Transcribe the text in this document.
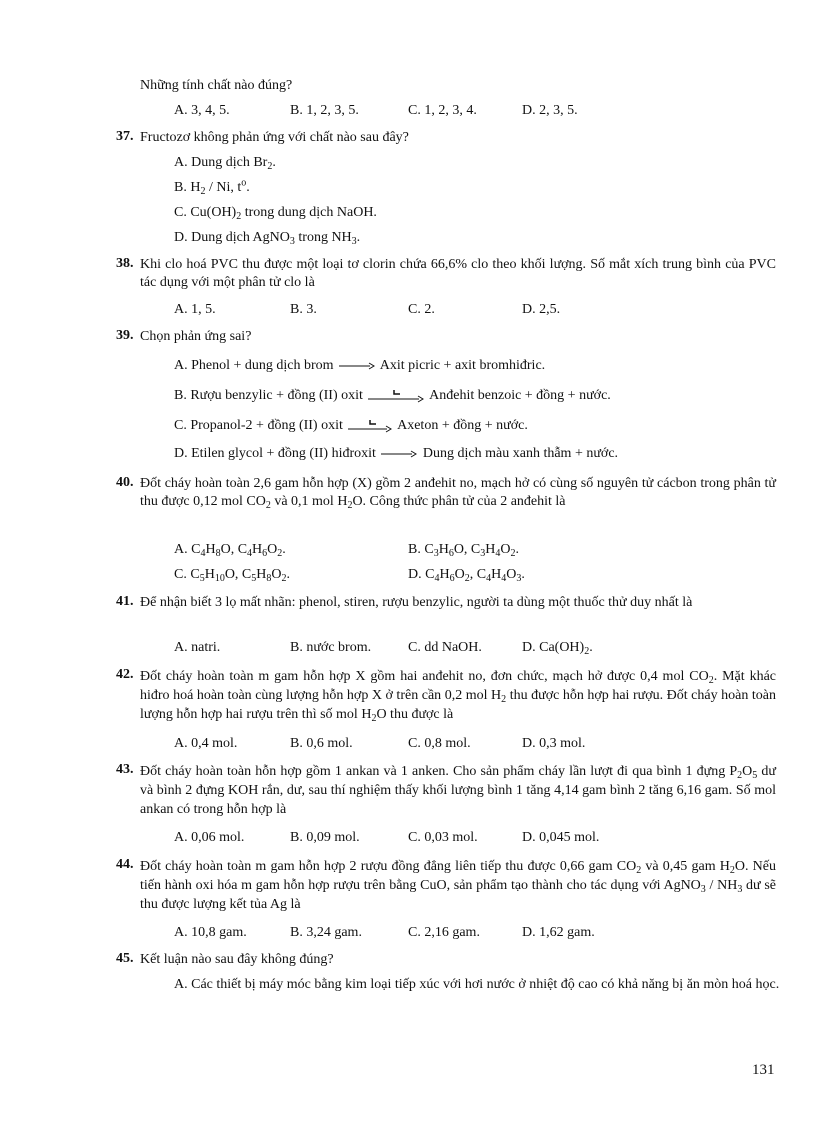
Những tính chất nào đúng?
A. 3, 4, 5.	B. 1, 2, 3, 5.	C. 1, 2, 3, 4.	D. 2, 3, 5.
37. Fructozơ không phản ứng với chất nào sau đây?
A. Dung dịch $Br_2$.
B. $H_2$ / Ni, $t^o$.
C. $Cu(OH)_2$ trong dung dịch NaOH.
D. Dung dịch AgNO$_3$ trong $NH_3$.
38. Khi clo hoá PVC thu được một loại tơ clorin chứa 66,6% clo theo khối lượng. Số mắt xích trung bình của PVC tác dụng với một phân tử clo là
A. 1, 5.	B. 3.	C. 2.	D. 2,5.
39. Chọn phản ứng sai?
A. Phenol + dung dịch brom → Axit picric + axit bromhiđric.
B. Rượu benzylic + đồng (II) oxit	Anđehit benzoic + đồng + nước.
C. Propanol-2 + đồng (II) oxit	Axeton + đồng + nước.
D. Etilen glycol + đồng (II) hiđroxit → Dung dịch màu xanh thẫm + nước.
40. Đốt cháy hoàn toàn 2,6 gam hỗn hợp (X) gồm 2 anđehit no, mạch hở có cùng số nguyên tử cácbon trong phân tử thu được 0,12 mol $CO_2$ và 0,1 mol $H_2O$. Công thức phân tử của 2 anđehit là
A. $C_4H_8O$, $C_4H_6O_2$.	B. $C_3H_6O$, $C_3H_4O_2$.
C. $C_5H_{10}O$, $C_5H_8O_2$.	D. $C_4H_6O_2$, $C_4H_4O_3$.
41. Để nhận biết 3 lọ mất nhãn: phenol, stiren, rượu benzylic, người ta dùng một thuốc thử duy nhất là
A. natri.	B. nước brom.	C. dd NaOH.	D. $Ca(OH)_2$.
42. Đốt cháy hoàn toàn m gam hỗn hợp X gồm hai anđehit no, đơn chức, mạch hở được 0,4 mol $CO_2$. Mặt khác hiđro hoá hoàn toàn cùng lượng hỗn hợp X ở trên cần 0,2 mol $H_2$ thu được hỗn hợp hai rượu. Đốt cháy hoàn toàn lượng hỗn hợp hai rượu trên thì số mol $H_2O$ thu được là
A. 0,4 mol.	B. 0,6 mol.	C. 0,8 mol.	D. 0,3 mol.
43. Đốt cháy hoàn toàn hỗn hợp gồm 1 ankan và 1 anken. Cho sản phẩm cháy lần lượt đi qua bình 1 đựng $P_2O_5$ dư và bình 2 đựng KOH rắn, dư, sau thí nghiệm thấy khối lượng bình 1 tăng 4,14 gam bình 2 tăng 6,16 gam. Số mol ankan có trong hỗn hợp là
A. 0,06 mol.	B. 0,09 mol.	C. 0,03 mol.	D. 0,045 mol.
44. Đốt cháy hoàn toàn m gam hỗn hợp 2 rượu đồng đẳng liên tiếp thu được 0,66 gam $CO_2$ và 0,45 gam $H_2O$. Nếu tiến hành oxi hóa m gam hỗn hợp rượu trên bằng CuO, sản phẩm tạo thành cho tác dụng với AgNO$_3$ / $NH_3$ dư sẽ thu được lượng kết tủa Ag là
A. 10,8 gam.	B. 3,24 gam.	C. 2,16 gam.	D. 1,62 gam.
45. Kết luận nào sau đây không đúng?
A. Các thiết bị máy móc bằng kim loại tiếp xúc với hơi nước ở nhiệt độ cao có khả năng bị ăn mòn hoá học.
131
